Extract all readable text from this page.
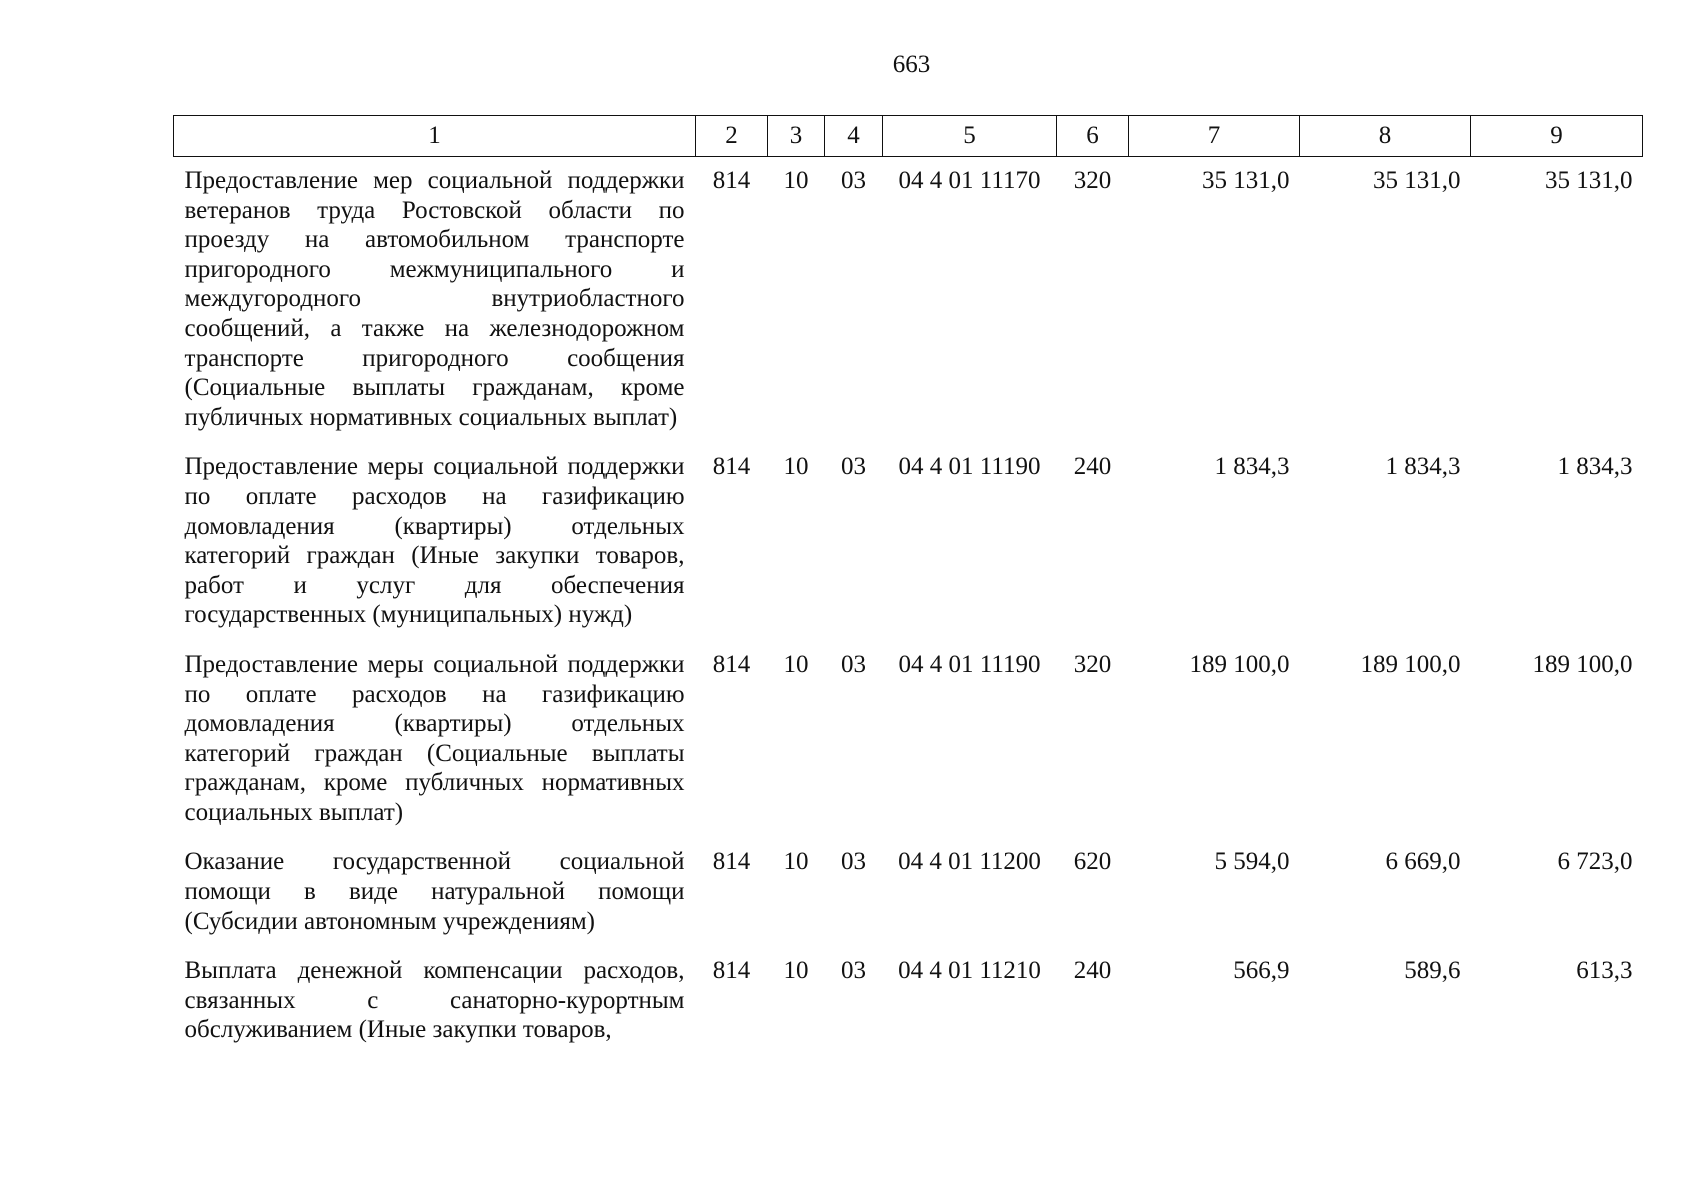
663
1	2	3	4	5	6	7	8	9
Предоставление мер социальной поддержки ветеранов труда Ростовской области по проезду на автомобильном транспорте пригородного межмуниципального и междугородного внутриобластного сообщений, а также на железнодорожном транспорте пригородного сообщения (Социальные выплаты гражданам, кроме публичных нормативных социальных выплат)	814	10	03	04 4 01 11170	320	35 131,0	35 131,0	35 131,0
Предоставление меры социальной поддержки по оплате расходов на газификацию домовладения (квартиры) отдельных категорий граждан (Иные закупки товаров, работ и услуг для обеспечения государственных (муниципальных) нужд)	814	10	03	04 4 01 11190	240	1 834,3	1 834,3	1 834,3
Предоставление меры социальной поддержки по оплате расходов на газификацию домовладения (квартиры) отдельных категорий граждан (Социальные выплаты гражданам, кроме публичных нормативных социальных выплат)	814	10	03	04 4 01 11190	320	189 100,0	189 100,0	189 100,0
Оказание государственной социальной помощи в виде натуральной помощи (Субсидии автономным учреждениям)	814	10	03	04 4 01 11200	620	5 594,0	6 669,0	6 723,0
Выплата денежной компенсации расходов, связанных с санаторно-курортным обслуживанием (Иные закупки товаров,	814	10	03	04 4 01 11210	240	566,9	589,6	613,3
